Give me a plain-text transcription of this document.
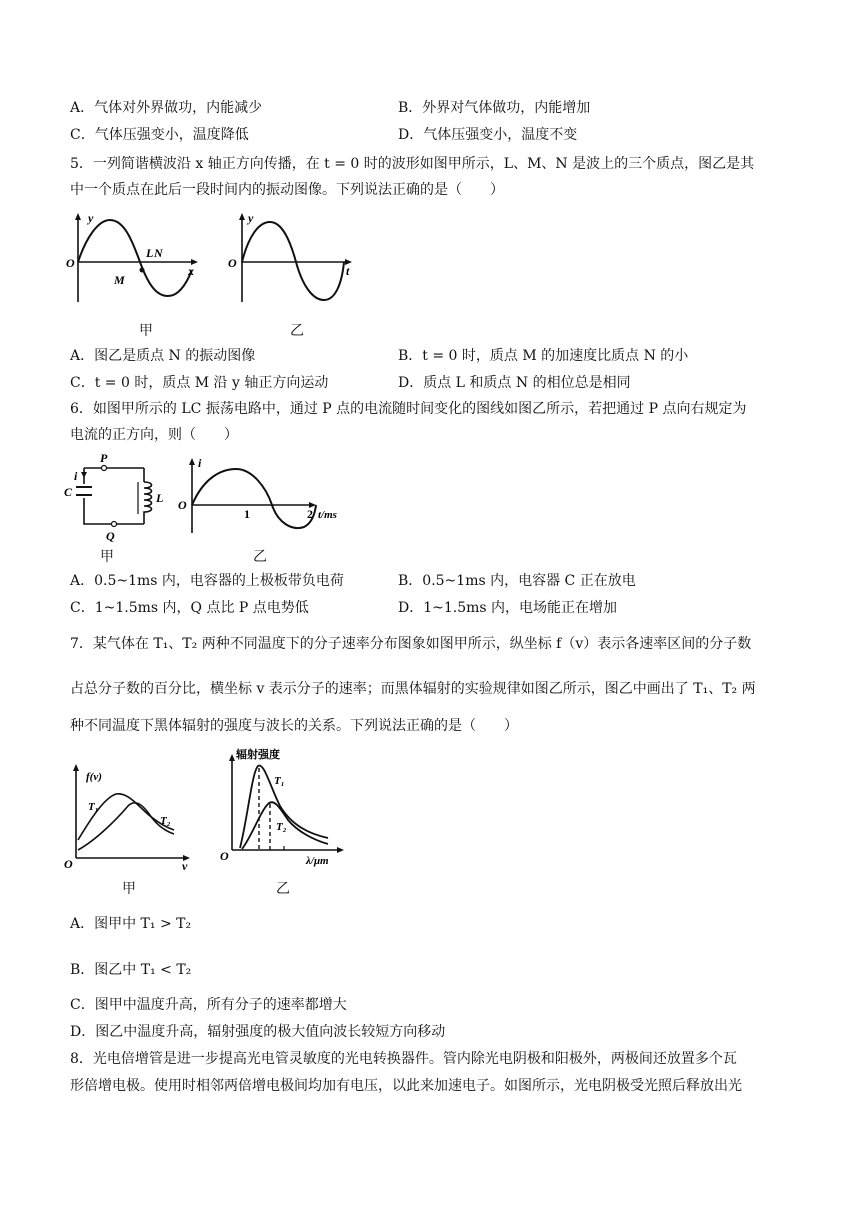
A．气体对外界做功，内能减少	B．外界对气体做功，内能增加
C．气体压强变小，温度降低	D．气体压强变小，温度不变
5．一列简谐横波沿 x 轴正方向传播，在 t = 0 时的波形如图甲所示，L、M、N 是波上的三个质点，图乙是其
中一个质点在此后一段时间内的振动图像。下列说法正确的是（　　）
y
O
x
L
M
N
y
O
t
甲	乙
A．图乙是质点 N 的振动图像	B．t = 0 时，质点 M 的加速度比质点 N 的小
C．t = 0 时，质点 M 沿 y 轴正方向运动	D．质点 L 和质点 N 的相位总是相同
6．如图甲所示的 LC 振荡电路中，通过 P 点的电流随时间变化的图线如图乙所示，若把通过 P 点向右规定为
电流的正方向，则（　　）
P
Q
C	L
i
i
O
1	2 t/ms
甲	乙
A．0.5~1ms 内，电容器的上极板带负电荷	B．0.5~1ms 内，电容器 C 正在放电
C．1~1.5ms 内，Q 点比 P 点电势低	D．1~1.5ms 内，电场能正在增加
7．某气体在 T₁、T₂ 两种不同温度下的分子速率分布图象如图甲所示，纵坐标 f（v）表示各速率区间的分子数
占总分子数的百分比，横坐标 v 表示分子的速率；而黑体辐射的实验规律如图乙所示，图乙中画出了 T₁、T₂ 两
种不同温度下黑体辐射的强度与波长的关系。下列说法正确的是（　　）
f(v)
O	v
T₁
T₂
辐射强度
O	λ/μm
T₁
T₂
甲	乙
A．图甲中 T₁ > T₂
B．图乙中 T₁ < T₂
C．图甲中温度升高，所有分子的速率都增大
D．图乙中温度升高，辐射强度的极大值向波长较短方向移动
8．光电倍增管是进一步提高光电管灵敏度的光电转换器件。管内除光电阴极和阳极外，两极间还放置多个瓦
形倍增电极。使用时相邻两倍增电极间均加有电压，以此来加速电子。如图所示，光电阴极受光照后释放出光
